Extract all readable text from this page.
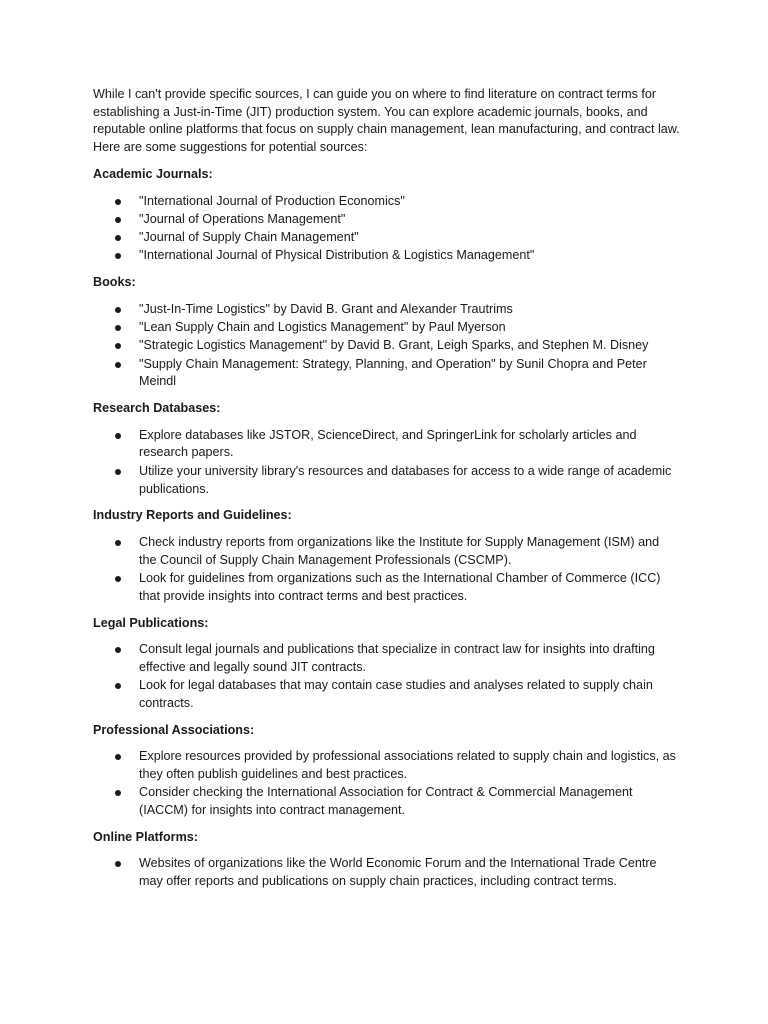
While I can't provide specific sources, I can guide you on where to find literature on contract terms for establishing a Just-in-Time (JIT) production system. You can explore academic journals, books, and reputable online platforms that focus on supply chain management, lean manufacturing, and contract law. Here are some suggestions for potential sources:

Academic Journals:

"International Journal of Production Economics"
"Journal of Operations Management"
"Journal of Supply Chain Management"
"International Journal of Physical Distribution & Logistics Management"

Books:

"Just-In-Time Logistics" by David B. Grant and Alexander Trautrims
"Lean Supply Chain and Logistics Management" by Paul Myerson
"Strategic Logistics Management" by David B. Grant, Leigh Sparks, and Stephen M. Disney
"Supply Chain Management: Strategy, Planning, and Operation" by Sunil Chopra and Peter Meindl

Research Databases:

Explore databases like JSTOR, ScienceDirect, and SpringerLink for scholarly articles and research papers.
Utilize your university library's resources and databases for access to a wide range of academic publications.

Industry Reports and Guidelines:

Check industry reports from organizations like the Institute for Supply Management (ISM) and the Council of Supply Chain Management Professionals (CSCMP).
Look for guidelines from organizations such as the International Chamber of Commerce (ICC) that provide insights into contract terms and best practices.

Legal Publications:

Consult legal journals and publications that specialize in contract law for insights into drafting effective and legally sound JIT contracts.
Look for legal databases that may contain case studies and analyses related to supply chain contracts.

Professional Associations:

Explore resources provided by professional associations related to supply chain and logistics, as they often publish guidelines and best practices.
Consider checking the International Association for Contract & Commercial Management (IACCM) for insights into contract management.

Online Platforms:

Websites of organizations like the World Economic Forum and the International Trade Centre may offer reports and publications on supply chain practices, including contract terms.
